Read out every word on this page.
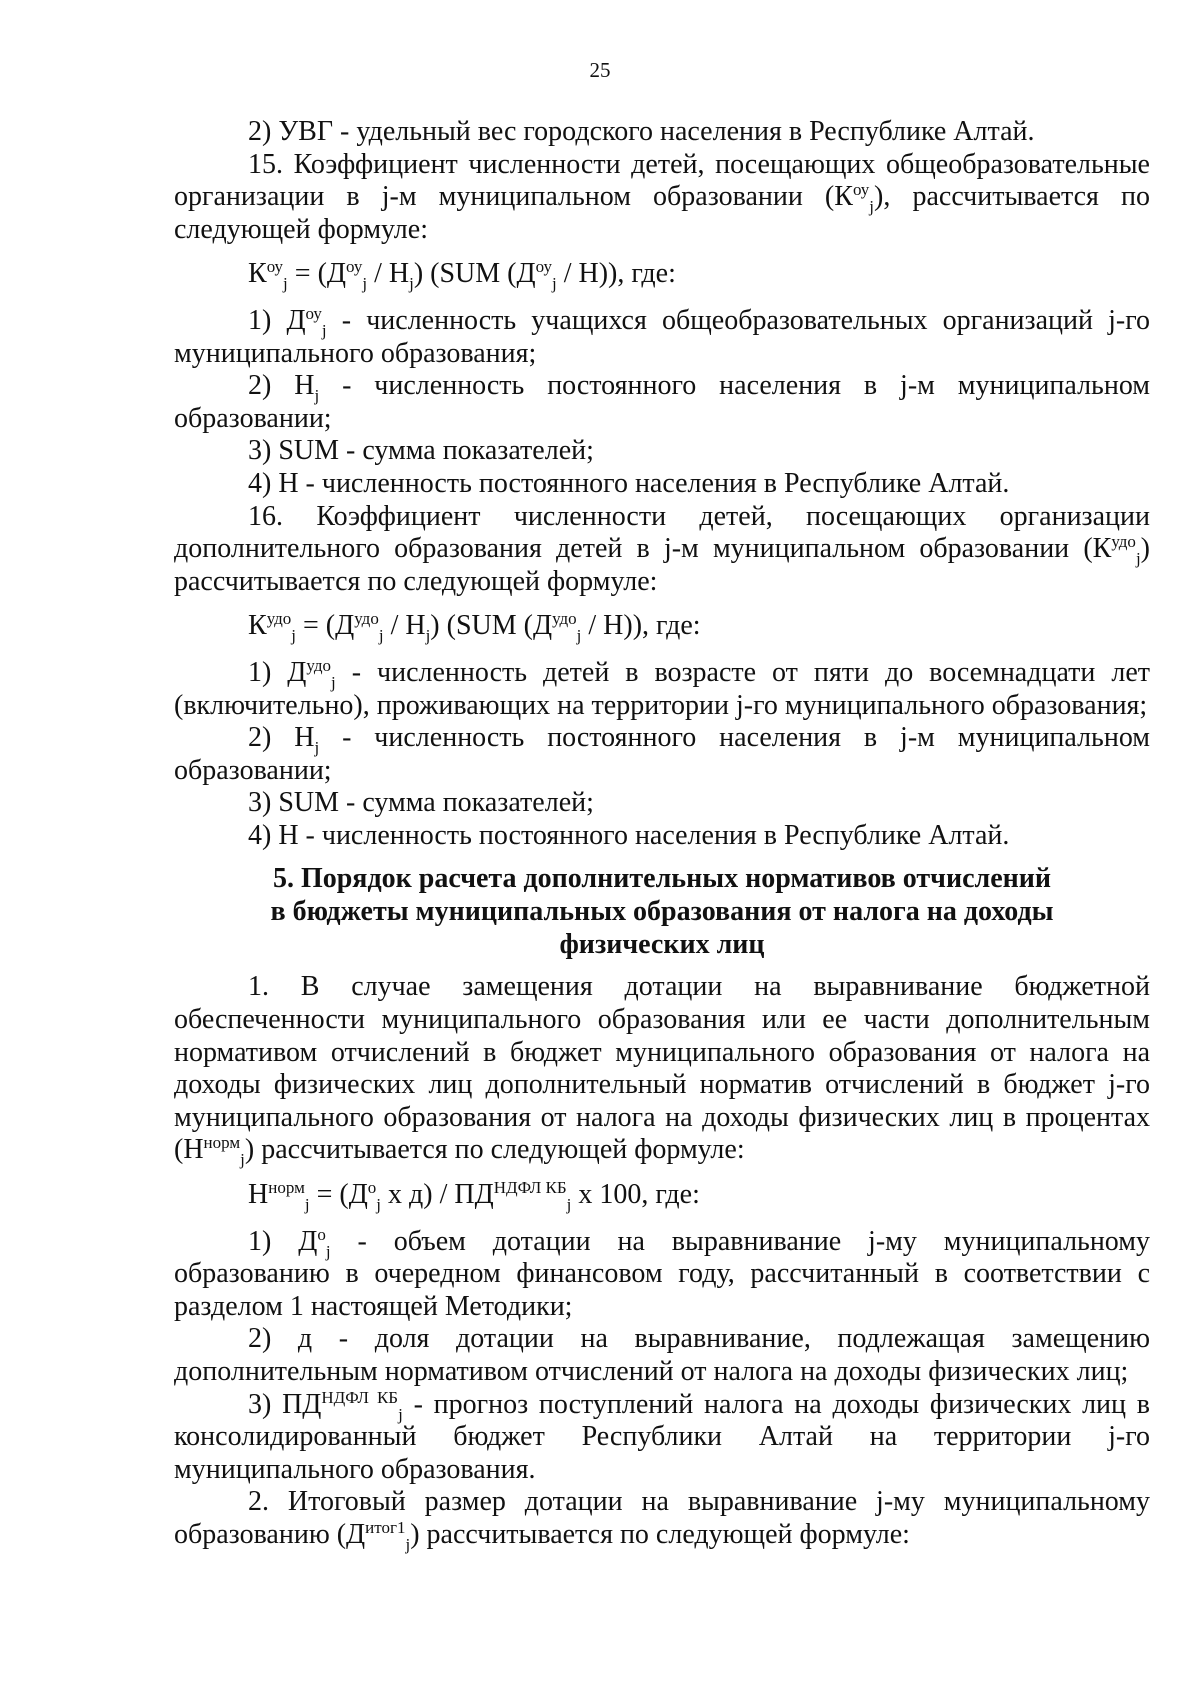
25

2) УВГ - удельный вес городского населения в Республике Алтай.

15. Коэффициент численности детей, посещающих общеобразовательные организации в j-м муниципальном образовании $(К^{оу}_j)$, рассчитывается по следующей формуле:

$К^{оу}_j = (Д^{оу}_j / Н_j)$ (SUM $(Д^{оу}_j / Н)$), где:

1) $Д^{оу}_j$ - численность учащихся общеобразовательных организаций j-го муниципального образования;

2) $Н_j$ - численность постоянного населения в j-м муниципальном образовании;

3) SUM - сумма показателей;

4) Н - численность постоянного населения в Республике Алтай.

16. Коэффициент численности детей, посещающих организации дополнительного образования детей в j-м муниципальном образовании $(К^{удо}_j)$ рассчитывается по следующей формуле:

$К^{удо}_j = (Д^{удо}_j / Н_j)$ (SUM $(Д^{удо}_j / Н)$), где:

1) $Д^{удо}_j$ - численность детей в возрасте от пяти до восемнадцати лет (включительно), проживающих на территории j-го муниципального образования;

2) $Н_j$ - численность постоянного населения в j-м муниципальном образовании;

3) SUM - сумма показателей;

4) Н - численность постоянного населения в Республике Алтай.

5. Порядок расчета дополнительных нормативов отчислений
в бюджеты муниципальных образования от налога на доходы
физических лиц

1. В случае замещения дотации на выравнивание бюджетной обеспеченности муниципального образования или ее части дополнительным нормативом отчислений в бюджет муниципального образования от налога на доходы физических лиц дополнительный норматив отчислений в бюджет j-го муниципального образования от налога на доходы физических лиц в процентах $(Н^{норм}_j)$ рассчитывается по следующей формуле:

$Н^{норм}_j = (Д^о_j$ х $д) / ПД^{НДФЛ КБ}_j$ х 100, где:

1) $Д^о_j$ - объем дотации на выравнивание j-му муниципальному образованию в очередном финансовом году, рассчитанный в соответствии с разделом 1 настоящей Методики;

2) д - доля дотации на выравнивание, подлежащая замещению дополнительным нормативом отчислений от налога на доходы физических лиц;

3) $ПД^{НДФЛ КБ}_j$ - прогноз поступлений налога на доходы физических лиц в консолидированный бюджет Республики Алтай на территории j-го муниципального образования.

2. Итоговый размер дотации на выравнивание j-му муниципальному образованию $(Д^{итог1}_j)$ рассчитывается по следующей формуле:
